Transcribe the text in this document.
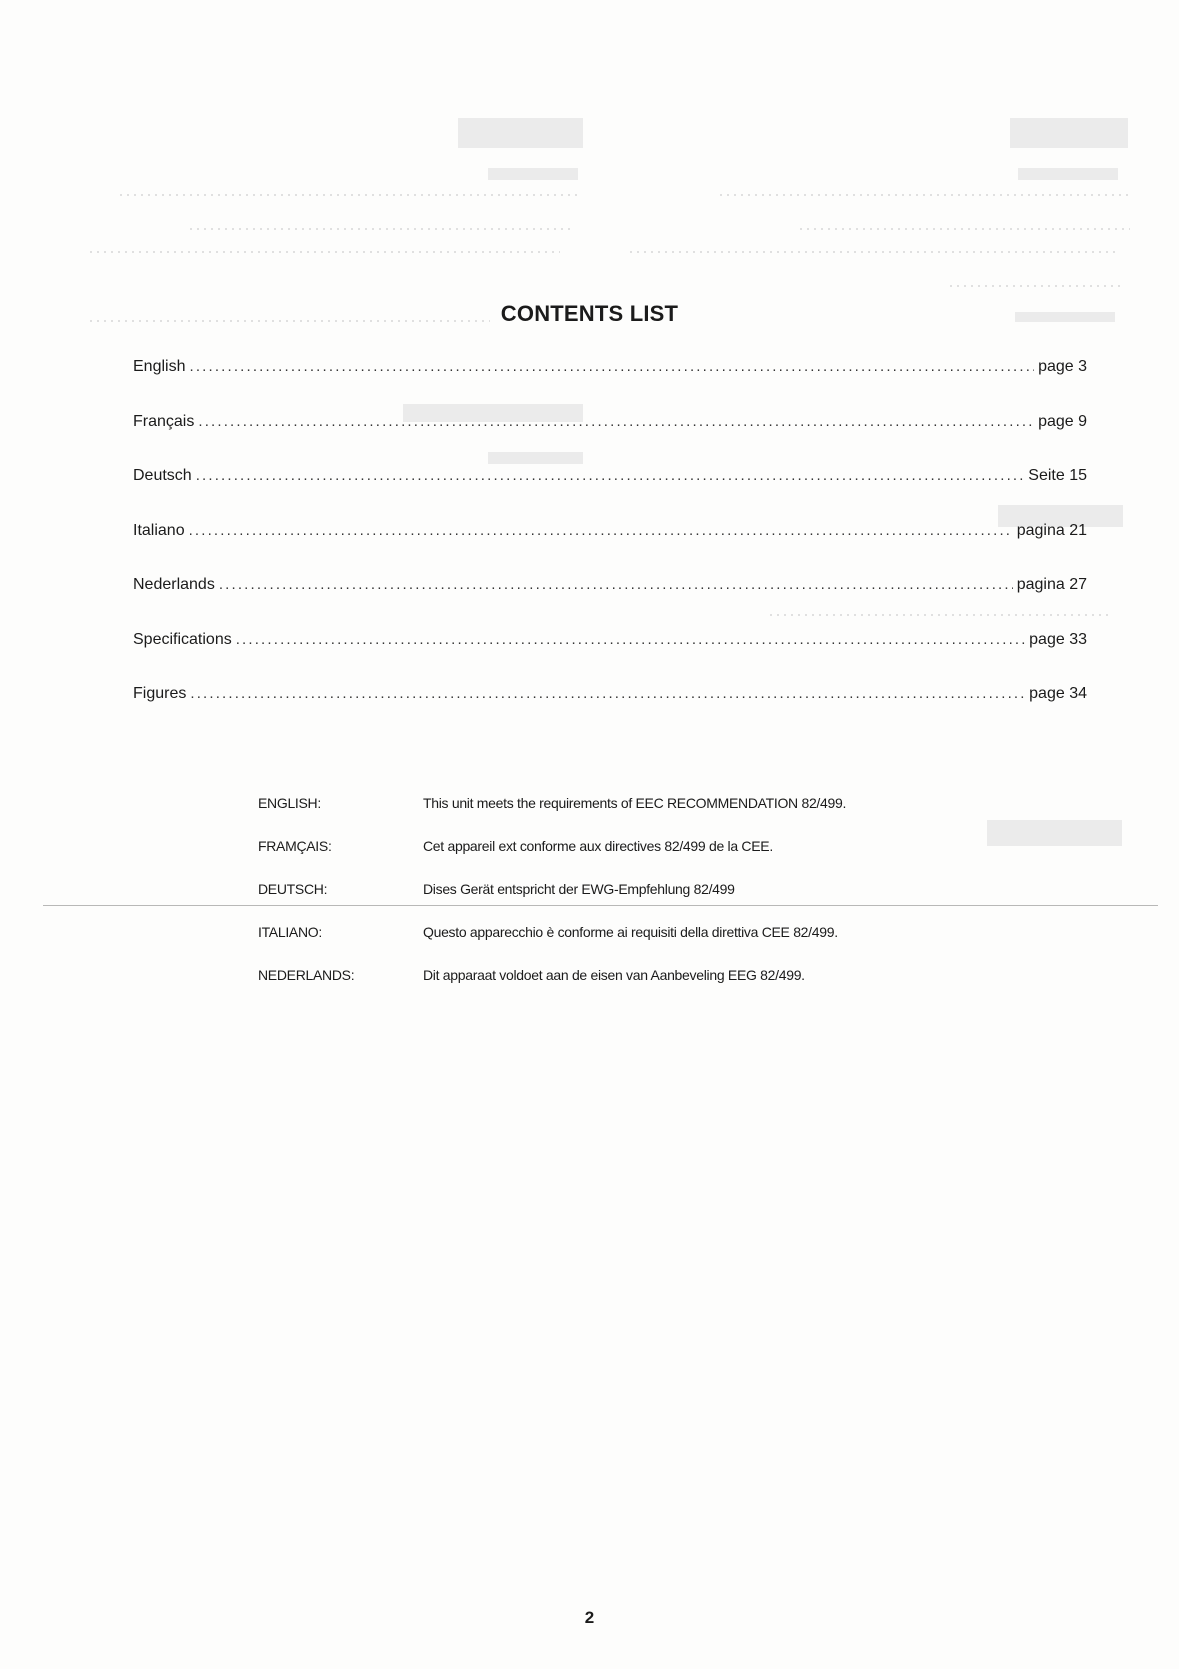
CONTENTS LIST
English . . .	page 3
Français . . .	page 9
Deutsch . . .	Seite 15
Italiano . . .	pagina 21
Nederlands . . .	pagina 27
Specifications . . .	page 33
Figures . . .	page 34
ENGLISH:	This unit meets the requirements of EEC RECOMMENDATION 82/499.
FRAMÇAIS:	Cet appareil ext conforme aux directives 82/499 de la CEE.
DEUTSCH:	Dises Gerät entspricht der EWG-Empfehlung 82/499
ITALIANO:	Questo apparecchio è conforme ai requisiti della direttiva CEE 82/499.
NEDERLANDS:	Dit apparaat voldoet aan de eisen van Aanbeveling EEG 82/499.
2
